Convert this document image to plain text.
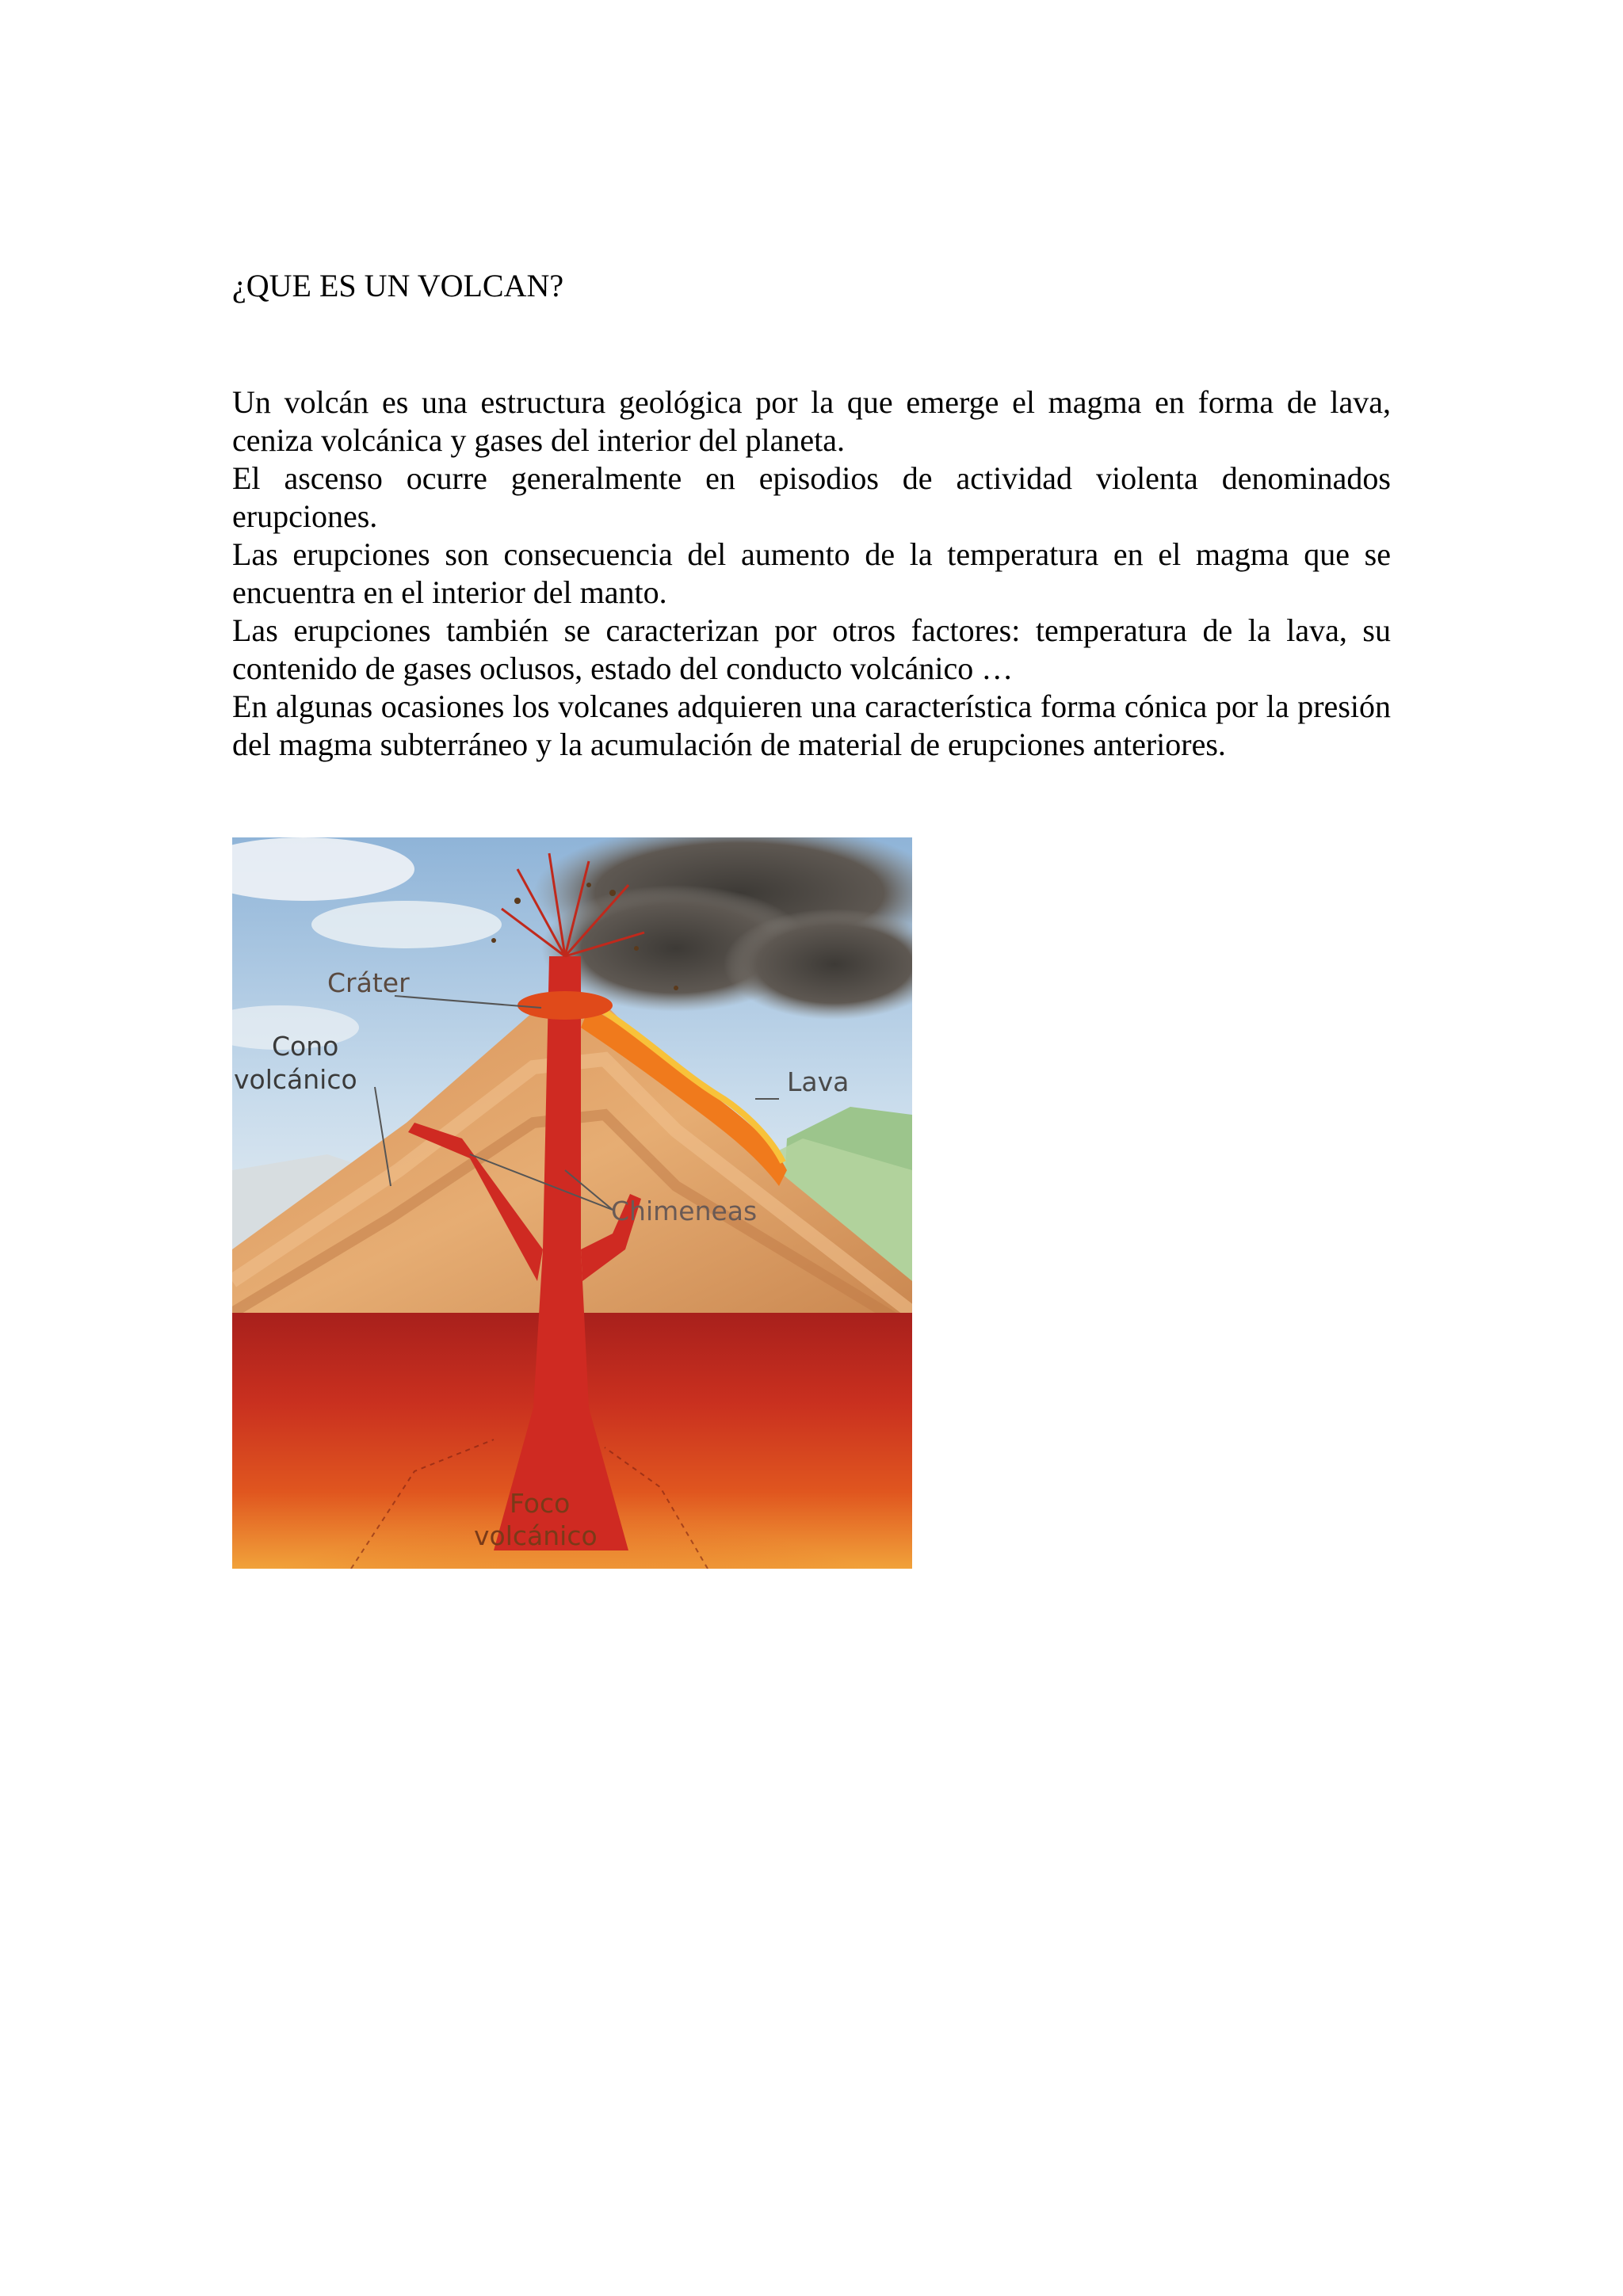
¿QUE ES UN VOLCAN?

Un volcán es una estructura geológica por la que emerge el magma en forma de lava, ceniza volcánica y gases del interior del planeta.

El ascenso ocurre generalmente en episodios de actividad violenta denominados erupciones.

Las erupciones son consecuencia del aumento de la temperatura en el magma que se encuentra en el interior del manto.

Las erupciones también se caracterizan por otros factores: temperatura de la lava, su contenido de gases oclusos, estado del conducto volcánico …

En algunas ocasiones los volcanes adquieren una característica forma cónica por la presión del magma subterráneo y la acumulación de material de erupciones anteriores.

Cráter
Cono
volcánico	Lava
Chimeneas
Foco
volcánico
